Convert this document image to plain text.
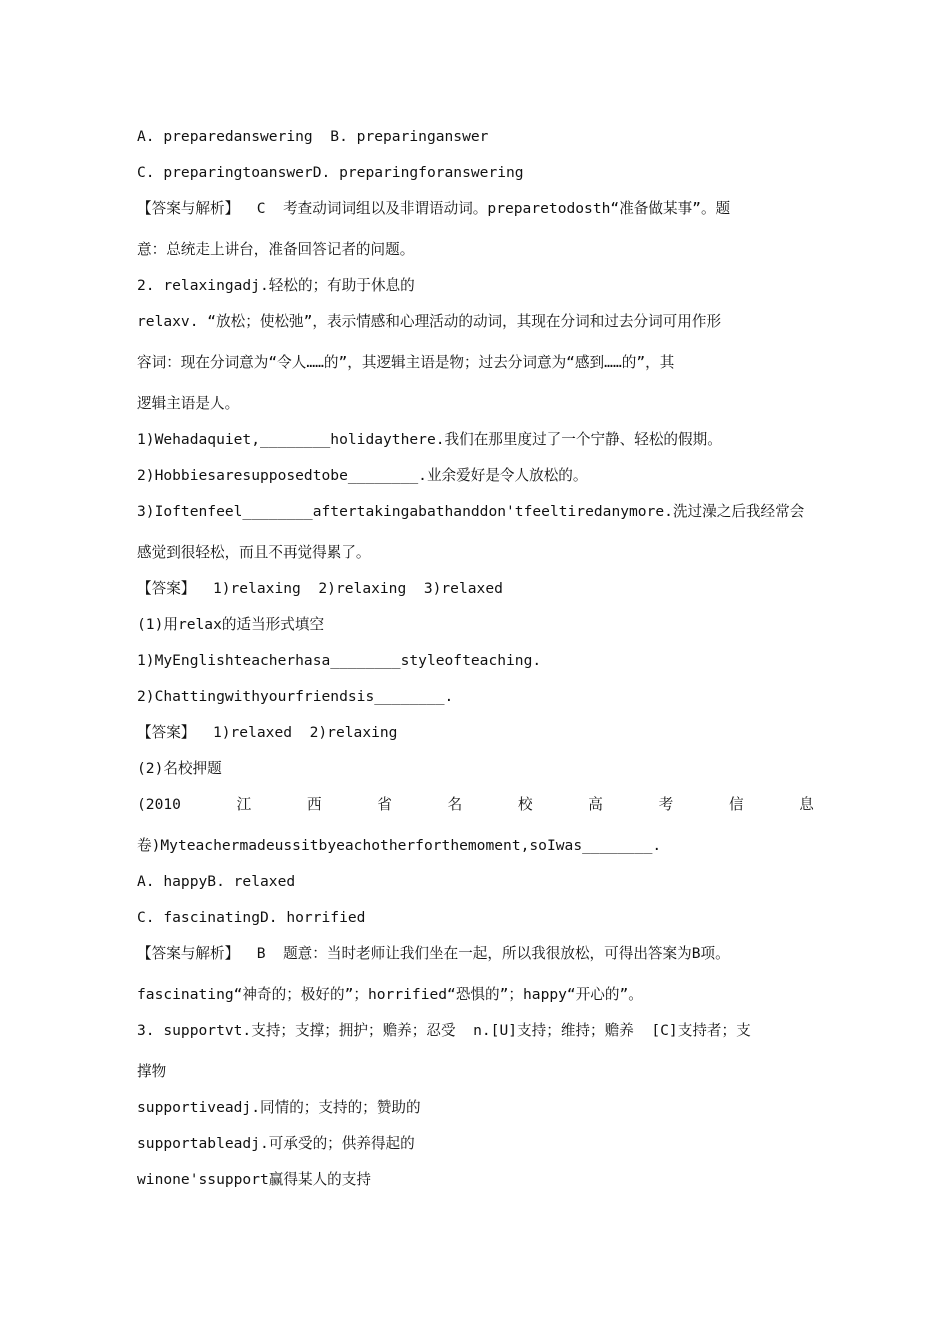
A. preparedanswering  B. preparinganswer
C. preparingtoanswerD. preparingforanswering
【答案与解析】  C  考查动词词组以及非谓语动词。preparetodosth“准备做某事”。题
意：总统走上讲台，准备回答记者的问题。
2. relaxingadj.轻松的；有助于休息的
relaxv. “放松；使松弛”，表示情感和心理活动的动词，其现在分词和过去分词可用作形
容词：现在分词意为“令人……的”，其逻辑主语是物；过去分词意为“感到……的”，其
逻辑主语是人。
1)Wehadaquiet,________holidaythere.我们在那里度过了一个宁静、轻松的假期。
2)Hobbiesaresupposedtobe________.业余爱好是令人放松的。
3)Ioftenfeel________aftertakingabathanddon'tfeeltiredanymore.洗过澡之后我经常会
感觉到很轻松，而且不再觉得累了。
【答案】  1)relaxing  2)relaxing  3)relaxed
(1)用relax的适当形式填空
1)MyEnglishteacherhasa________styleofteaching.
2)Chattingwithyourfriendsis________.
【答案】  1)relaxed  2)relaxing
(2)名校押题
(2010	江	西	省	名	校	高	考	信	息
卷)Myteachermadeussitbyeachotherforthemoment,soIwas________.
A. happyB. relaxed
C. fascinatingD. horrified
【答案与解析】  B  题意：当时老师让我们坐在一起，所以我很放松，可得出答案为B项。
fascinating“神奇的；极好的”；horrified“恐惧的”；happy“开心的”。
3. supportvt.支持；支撑；拥护；赡养；忍受  n.[U]支持；维持；赡养  [C]支持者；支
撑物
supportiveadj.同情的；支持的；赞助的
supportableadj.可承受的；供养得起的
winone'ssupport赢得某人的支持
